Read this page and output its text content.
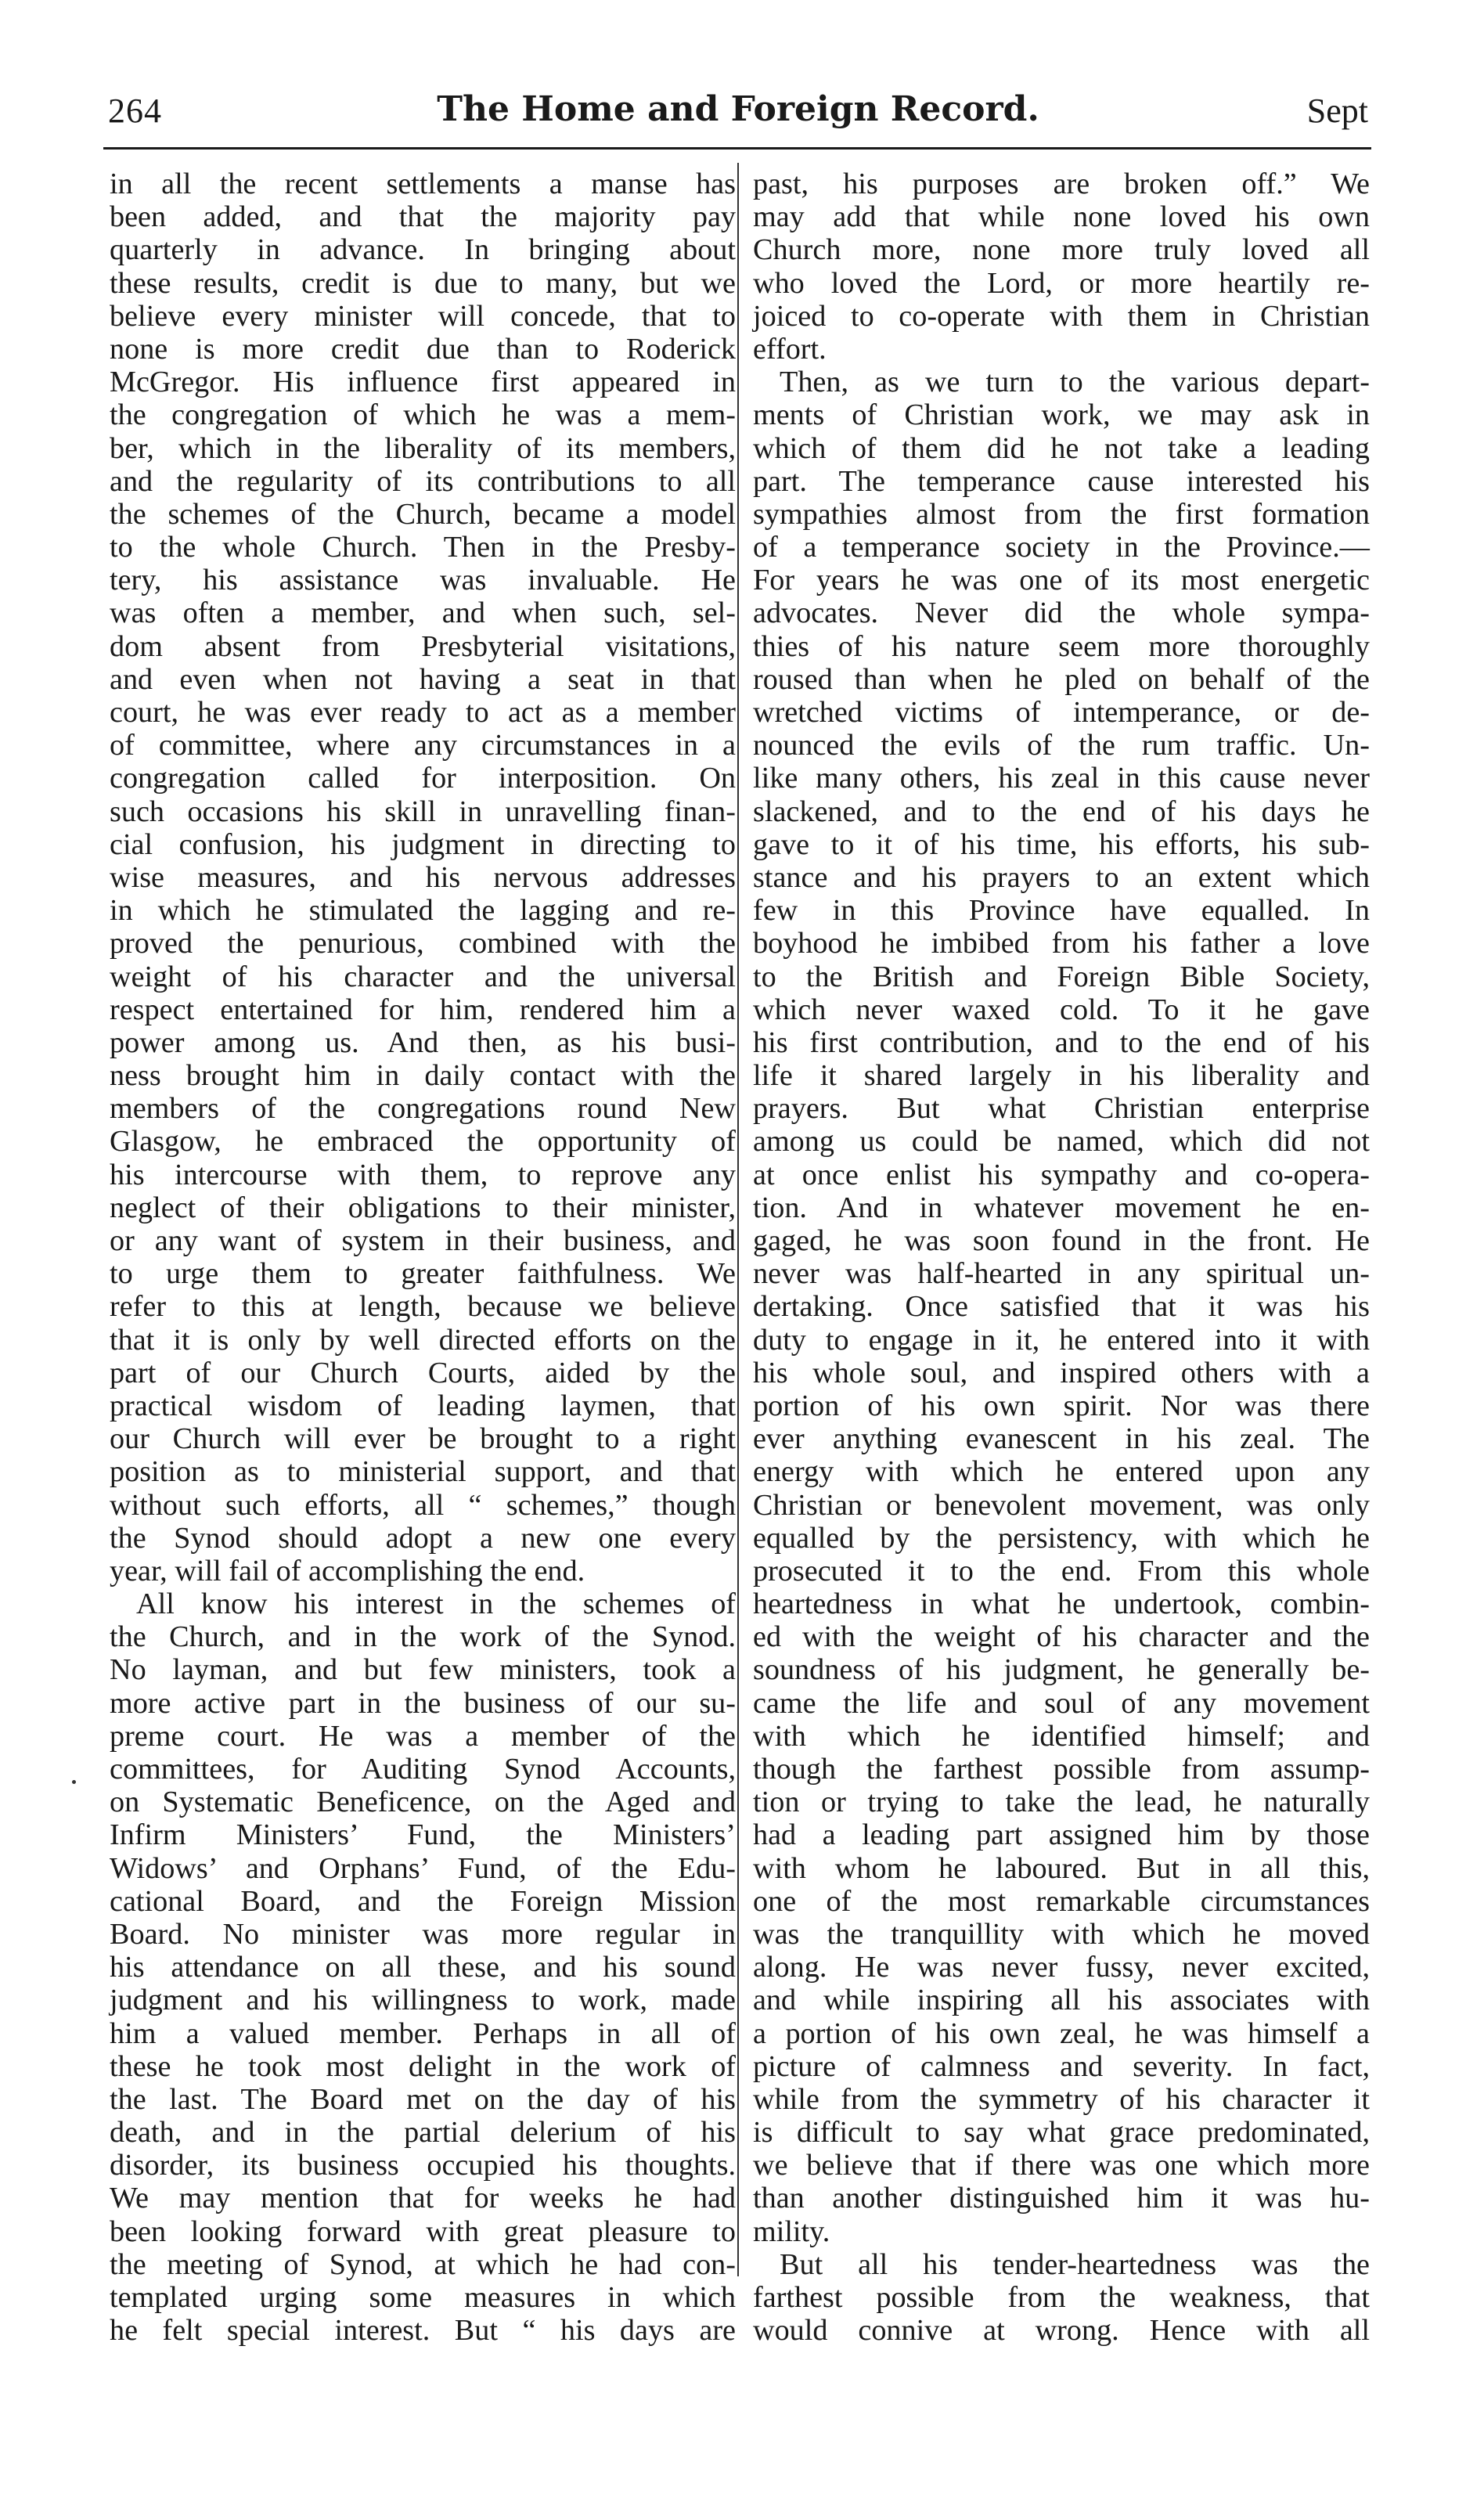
264	The Home and Foreign Record.	Sept
in all the recent settlements a manse has
been added, and that the majority pay
quarterly in advance. In bringing about
these results, credit is due to many, but we
believe every minister will concede, that to
none is more credit due than to Roderick
McGregor. His influence first appeared in
the congregation of which he was a mem-
ber, which in the liberality of its members,
and the regularity of its contributions to all
the schemes of the Church, became a model
to the whole Church. Then in the Presby-
tery, his assistance was invaluable. He
was often a member, and when such, sel-
dom absent from Presbyterial visitations,
and even when not having a seat in that
court, he was ever ready to act as a member
of committee, where any circumstances in a
congregation called for interposition. On
such occasions his skill in unravelling finan-
cial confusion, his judgment in directing to
wise measures, and his nervous addresses
in which he stimulated the lagging and re-
proved the penurious, combined with the
weight of his character and the universal
respect entertained for him, rendered him a
power among us. And then, as his busi-
ness brought him in daily contact with the
members of the congregations round New
Glasgow, he embraced the opportunity of
his intercourse with them, to reprove any
neglect of their obligations to their minister,
or any want of system in their business, and
to urge them to greater faithfulness. We
refer to this at length, because we believe
that it is only by well directed efforts on the
part of our Church Courts, aided by the
practical wisdom of leading laymen, that
our Church will ever be brought to a right
position as to ministerial support, and that
without such efforts, all “ schemes,” though
the Synod should adopt a new one every
year, will fail of accomplishing the end.
All know his interest in the schemes of
the Church, and in the work of the Synod.
No layman, and but few ministers, took a
more active part in the business of our su-
preme court. He was a member of the
committees, for Auditing Synod Accounts,
on Systematic Beneficence, on the Aged and
Infirm Ministers’ Fund, the Ministers’
Widows’ and Orphans’ Fund, of the Edu-
cational Board, and the Foreign Mission
Board. No minister was more regular in
his attendance on all these, and his sound
judgment and his willingness to work, made
him a valued member. Perhaps in all of
these he took most delight in the work of
the last. The Board met on the day of his
death, and in the partial delerium of his
disorder, its business occupied his thoughts.
We may mention that for weeks he had
been looking forward with great pleasure to
the meeting of Synod, at which he had con-
templated urging some measures in which
he felt special interest. But “ his days are
past, his purposes are broken off.” We
may add that while none loved his own
Church more, none more truly loved all
who loved the Lord, or more heartily re-
joiced to co-operate with them in Christian
effort.
Then, as we turn to the various depart-
ments of Christian work, we may ask in
which of them did he not take a leading
part. The temperance cause interested his
sympathies almost from the first formation
of a temperance society in the Province.—
For years he was one of its most energetic
advocates. Never did the whole sympa-
thies of his nature seem more thoroughly
roused than when he pled on behalf of the
wretched victims of intemperance, or de-
nounced the evils of the rum traffic. Un-
like many others, his zeal in this cause never
slackened, and to the end of his days he
gave to it of his time, his efforts, his sub-
stance and his prayers to an extent which
few in this Province have equalled. In
boyhood he imbibed from his father a love
to the British and Foreign Bible Society,
which never waxed cold. To it he gave
his first contribution, and to the end of his
life it shared largely in his liberality and
prayers. But what Christian enterprise
among us could be named, which did not
at once enlist his sympathy and co-opera-
tion. And in whatever movement he en-
gaged, he was soon found in the front. He
never was half-hearted in any spiritual un-
dertaking. Once satisfied that it was his
duty to engage in it, he entered into it with
his whole soul, and inspired others with a
portion of his own spirit. Nor was there
ever anything evanescent in his zeal. The
energy with which he entered upon any
Christian or benevolent movement, was only
equalled by the persistency, with which he
prosecuted it to the end. From this whole
heartedness in what he undertook, combin-
ed with the weight of his character and the
soundness of his judgment, he generally be-
came the life and soul of any movement
with which he identified himself; and
though the farthest possible from assump-
tion or trying to take the lead, he naturally
had a leading part assigned him by those
with whom he laboured. But in all this,
one of the most remarkable circumstances
was the tranquillity with which he moved
along. He was never fussy, never excited,
and while inspiring all his associates with
a portion of his own zeal, he was himself a
picture of calmness and severity. In fact,
while from the symmetry of his character it
is difficult to say what grace predominated,
we believe that if there was one which more
than another distinguished him it was hu-
mility.
But all his tender-heartedness was the
farthest possible from the weakness, that
would connive at wrong. Hence with all
